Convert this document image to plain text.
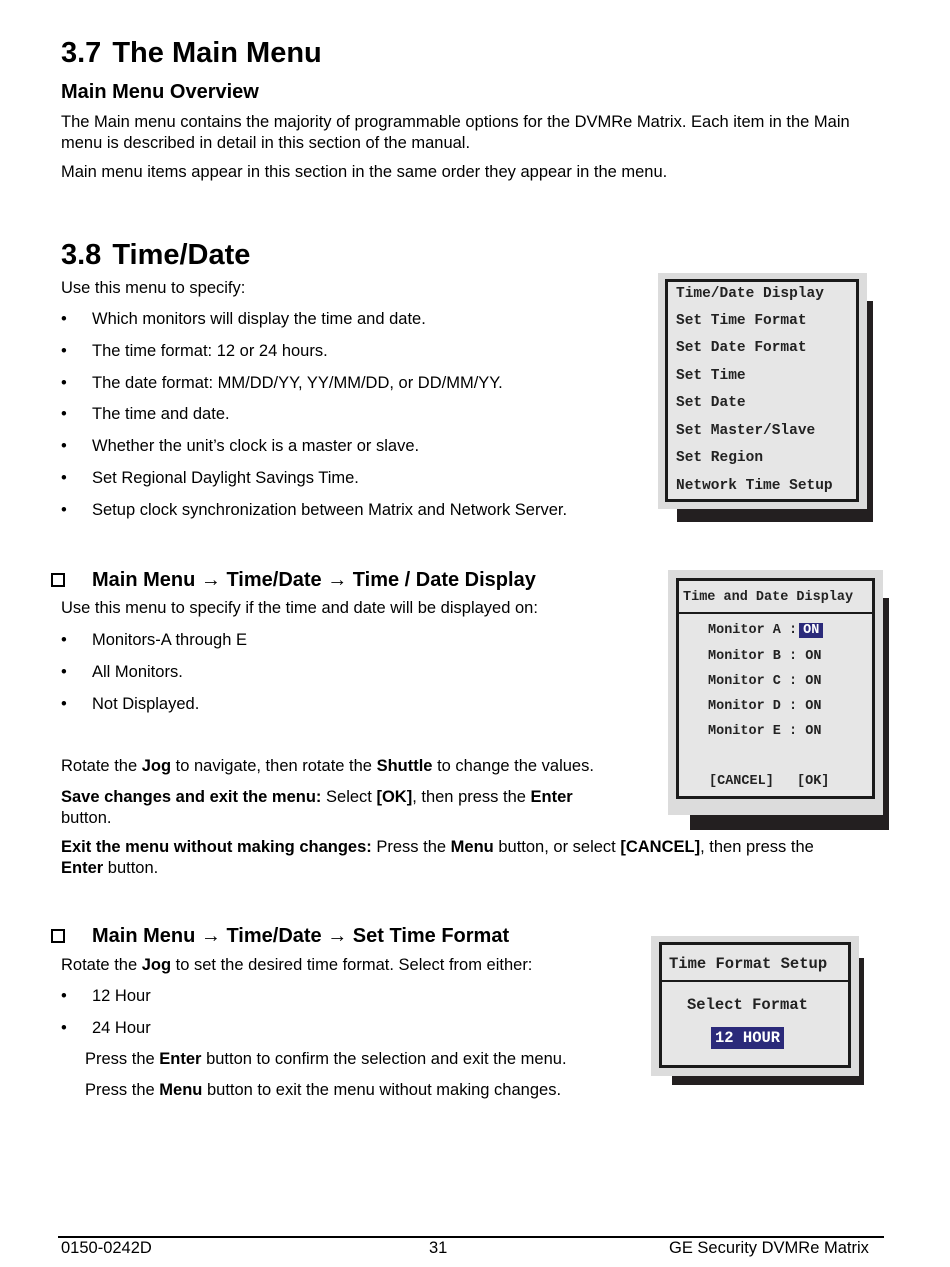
3.7 The Main Menu
Main Menu Overview
The Main menu contains the majority of programmable options for the DVMRe Matrix. Each item in the Main menu is described in detail in this section of the manual.
Main menu items appear in this section in the same order they appear in the menu.
3.8 Time/Date
Use this menu to specify:
• Which monitors will display the time and date.
• The time format: 12 or 24 hours.
• The date format: MM/DD/YY, YY/MM/DD, or DD/MM/YY.
• The time and date.
• Whether the unit’s clock is a master or slave.
• Set Regional Daylight Savings Time.
• Setup clock synchronization between Matrix and Network Server.
Time/Date Display
Set Time Format
Set Date Format
Set Time
Set Date
Set Master/Slave
Set Region
Network Time Setup
Main Menu → Time/Date → Time / Date Display
Use this menu to specify if the time and date will be displayed on:
• Monitors-A through E
• All Monitors.
• Not Displayed.
Rotate the Jog to navigate, then rotate the Shuttle to change the values.
Save changes and exit the menu: Select [OK], then press the Enter
button.
Exit the menu without making changes: Press the Menu button, or select [CANCEL], then press the
Enter button.
Time and Date Display
Monitor A : ON
Monitor B : ON
Monitor C : ON
Monitor D : ON
Monitor E : ON
[CANCEL] [OK]
Main Menu → Time/Date → Set Time Format
Rotate the Jog to set the desired time format. Select from either:
• 12 Hour
• 24 Hour
Press the Enter button to confirm the selection and exit the menu.
Press the Menu button to exit the menu without making changes.
Time Format Setup
Select Format
12 HOUR
0150-0242D	31	GE Security DVMRe Matrix
